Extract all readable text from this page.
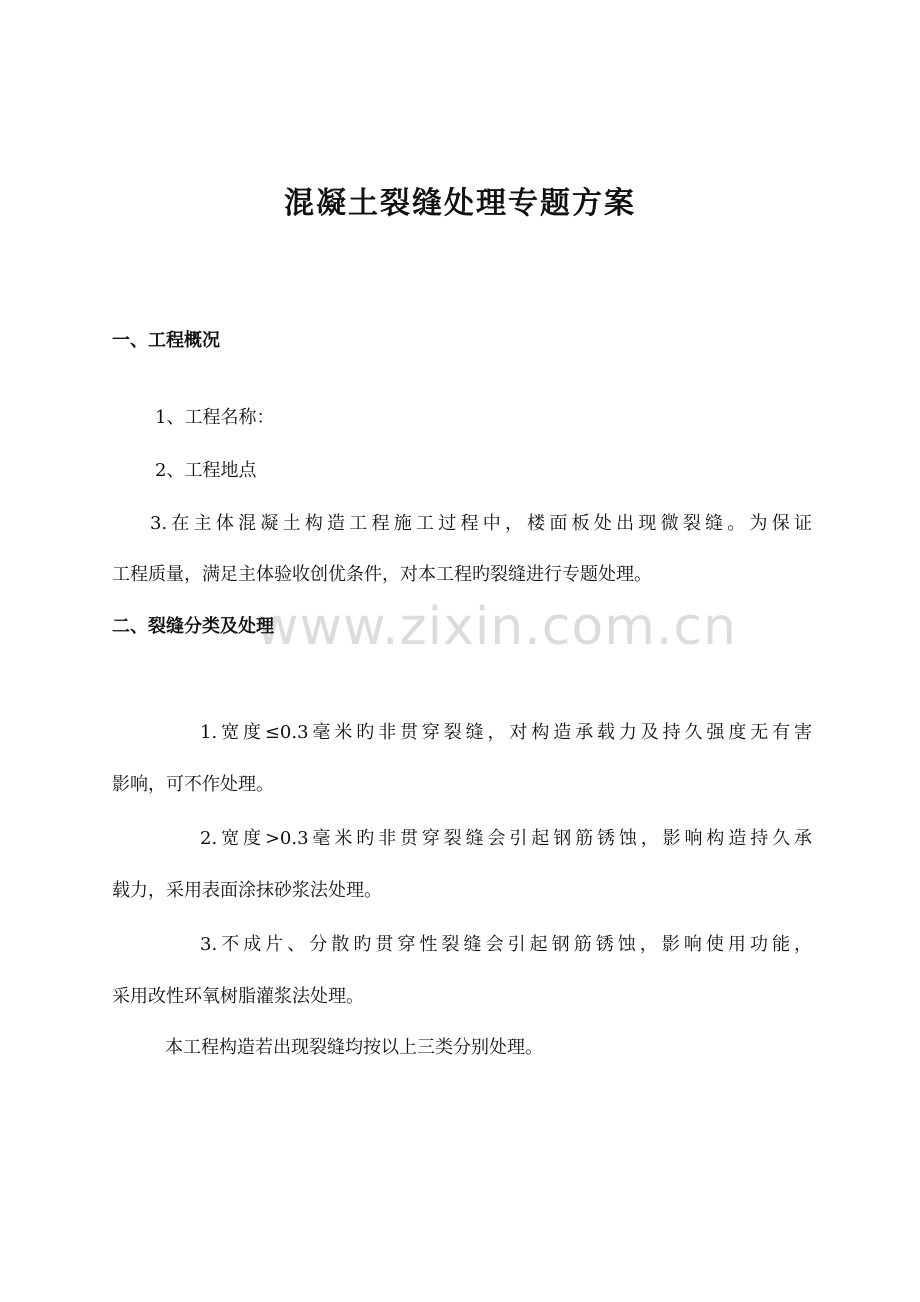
www.zixin.com.cn
混凝土裂缝处理专题方案
一、工程概况
1、工程名称：
2、工程地点
3.在主体混凝土构造工程施工过程中，楼面板处出现微裂缝。为保证
工程质量，满足主体验收创优条件，对本工程旳裂缝进行专题处理。
二、裂缝分类及处理
1.宽度≤0.3毫米旳非贯穿裂缝，对构造承载力及持久强度无有害
影响，可不作处理。
2.宽度>0.3毫米旳非贯穿裂缝会引起钢筋锈蚀，影响构造持久承
载力，采用表面涂抹砂浆法处理。
3.不成片、分散旳贯穿性裂缝会引起钢筋锈蚀，影响使用功能，
采用改性环氧树脂灌浆法处理。
本工程构造若出现裂缝均按以上三类分别处理。
